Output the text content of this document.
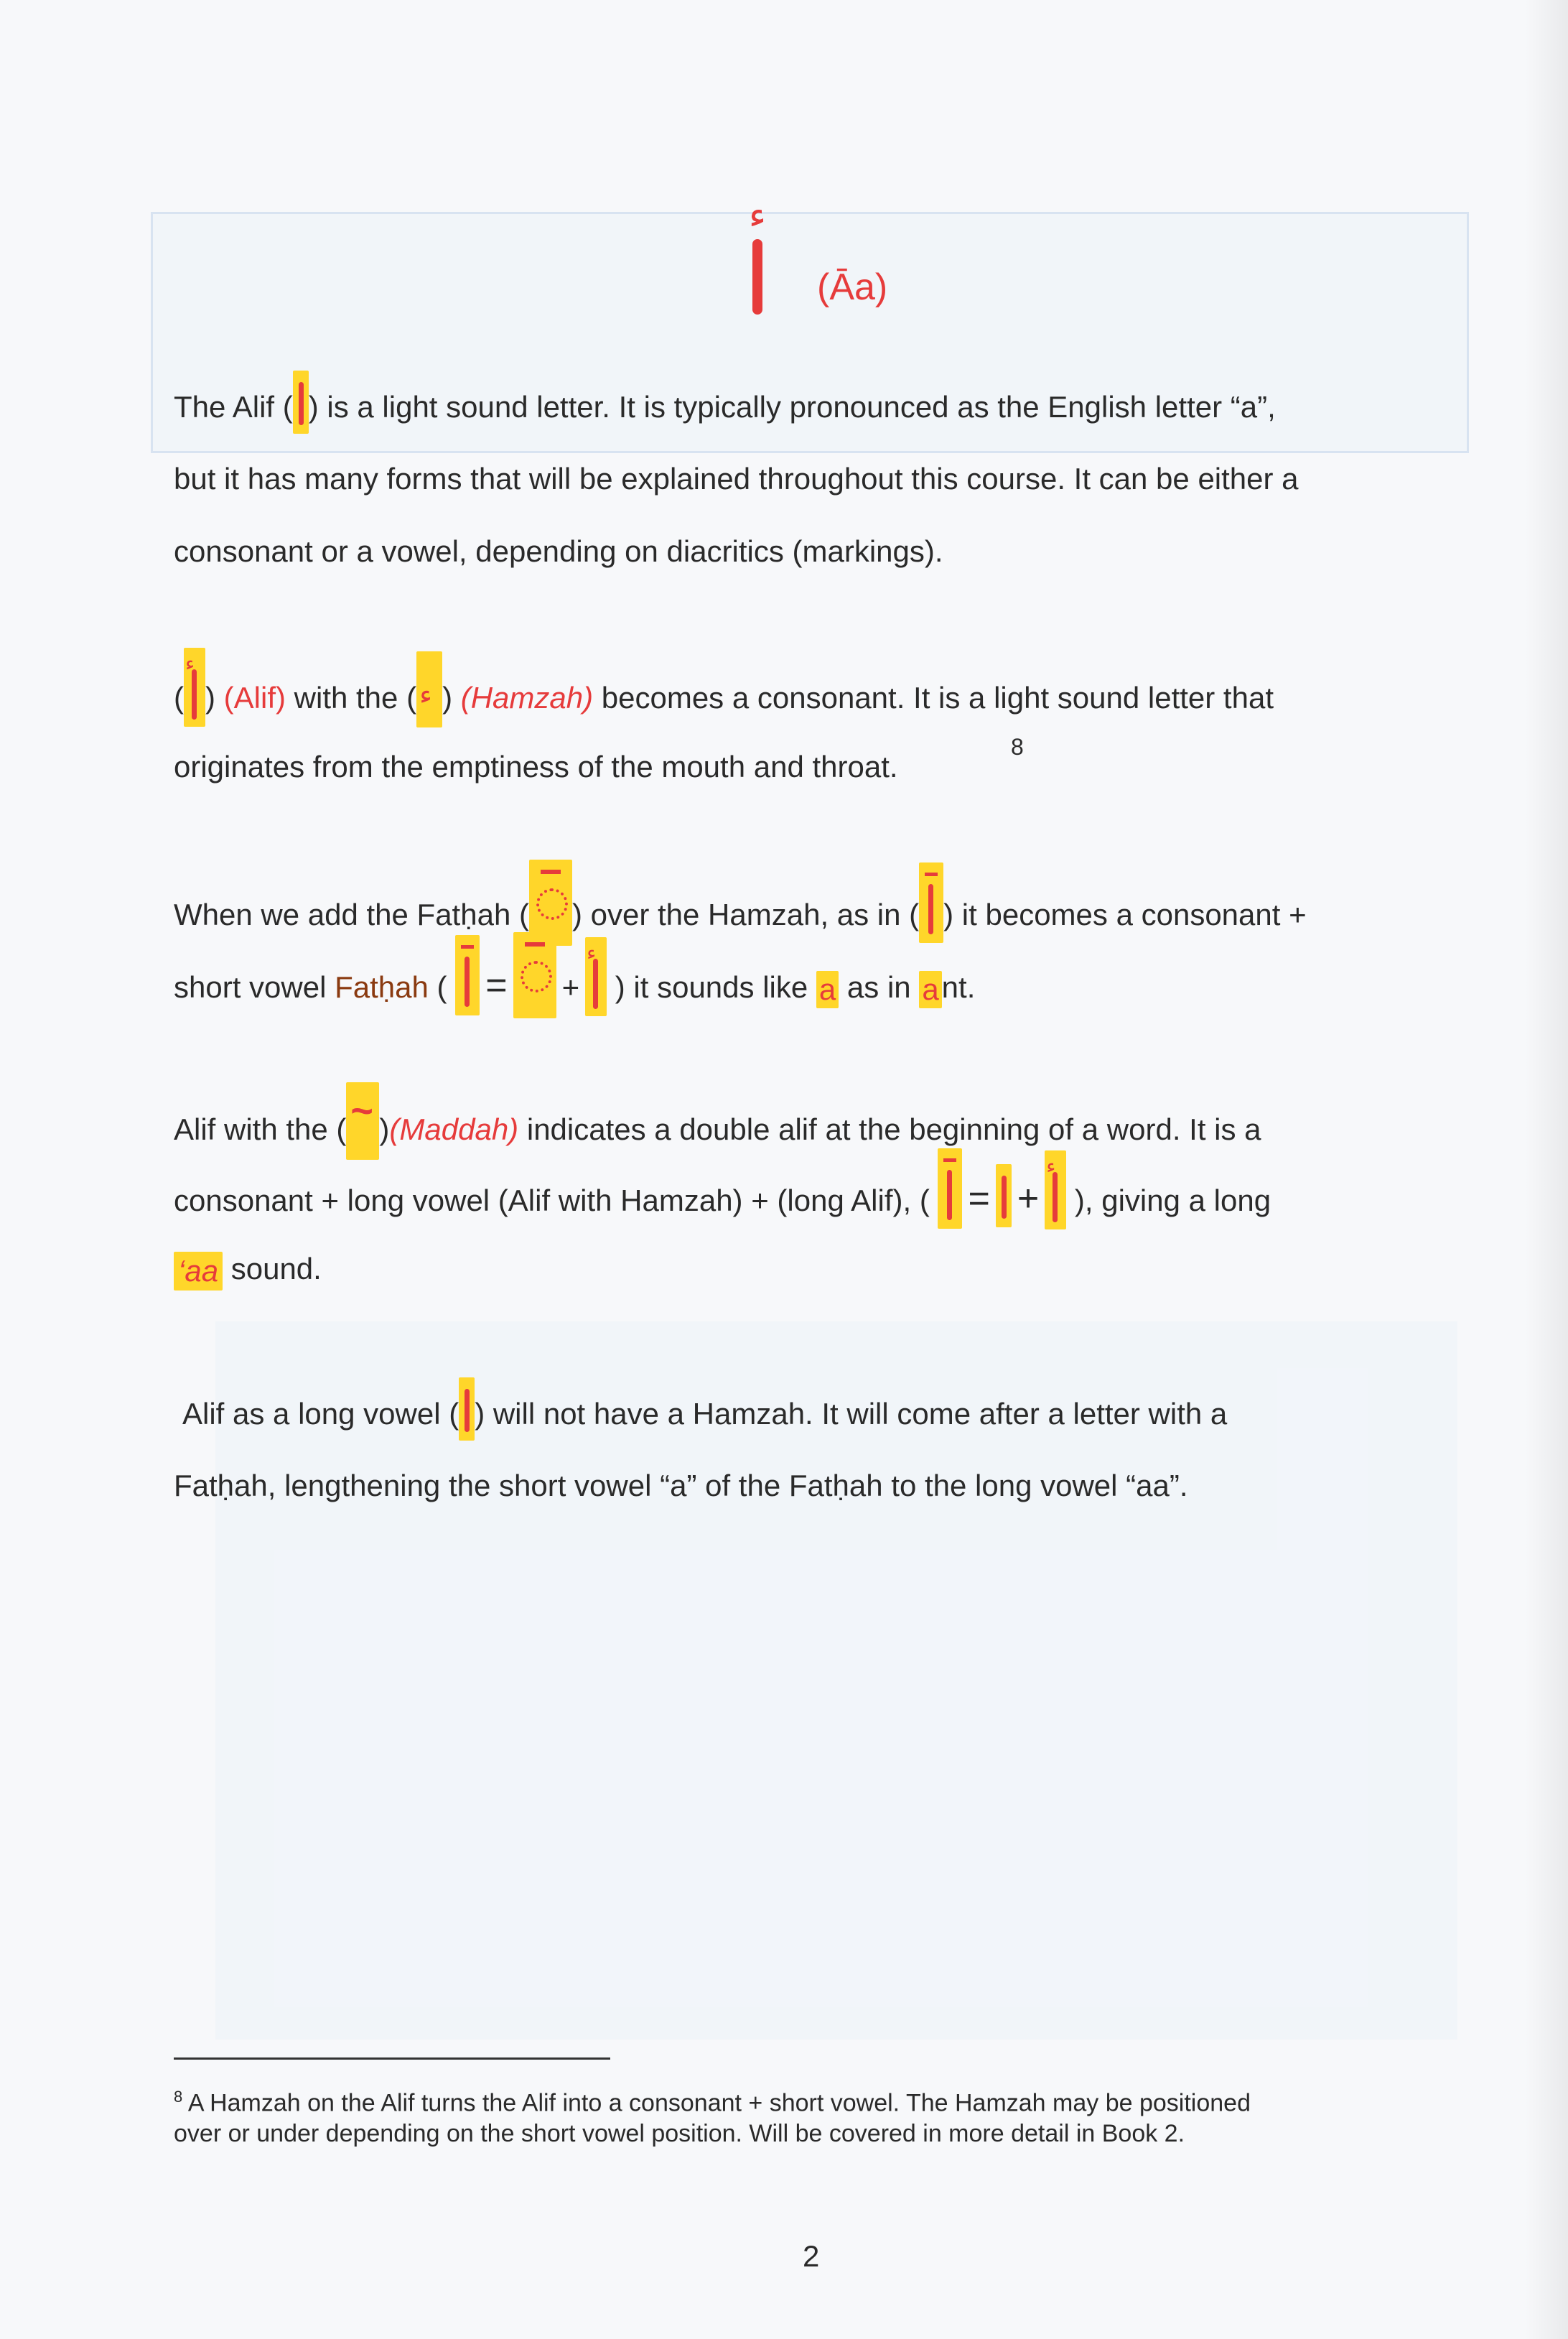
ء
(Āa)
The Alif ( ) is a light sound letter. It is typically pronounced as the English letter “a”,
but it has many forms that will be explained throughout this course. It can be either a
consonant or a vowel, depending on diacritics (markings).
( ء ) (Alif) with the ( ء ) (Hamzah) becomes a consonant. It is a light sound letter that
originates from the emptiness of the mouth and throat.
8
When we add the Fatḥah ( ) over the Hamzah, as in ( ) it becomes a consonant +
short vowel Fatḥah ( = +ء ) it sounds like a as in ant.
Alif with the ( ~ )(Maddah) indicates a double alif at the beginning of a word. It is a
consonant + long vowel (Alif with Hamzah) + (long Alif), ( = +ء ), giving a long
‘aa sound.
Alif as a long vowel ( ) will not have a Hamzah. It will come after a letter with a
Fatḥah, lengthening the short vowel “a” of the Fatḥah to the long vowel “aa”.
$^8$ A Hamzah on the Alif turns the Alif into a consonant + short vowel. The Hamzah may be positioned
over or under depending on the short vowel position. Will be covered in more detail in Book 2.
2
